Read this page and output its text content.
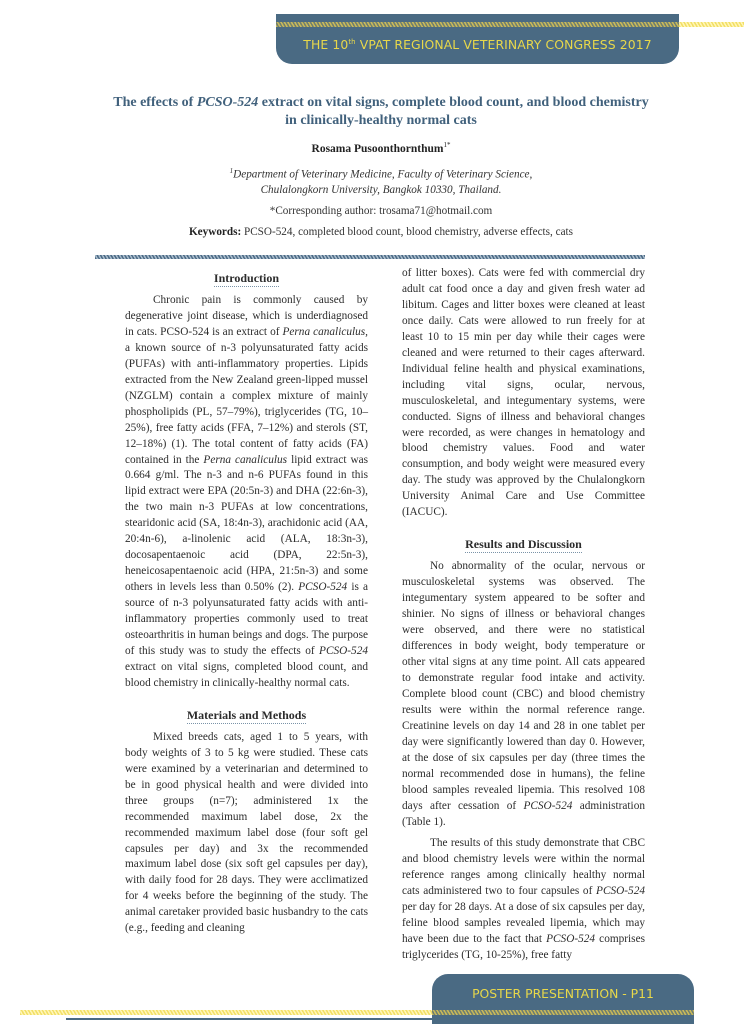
THE 10th VPAT REGIONAL VETERINARY CONGRESS 2017
The effects of PCSO-524 extract on vital signs, complete blood count, and blood chemistry
in clinically-healthy normal cats
Rosama Pusoonthornthum$^{1*}$
$^1$Department of Veterinary Medicine, Faculty of Veterinary Science,
Chulalongkorn University, Bangkok 10330, Thailand.
*Corresponding author: trosama71@hotmail.com
Keywords: PCSO-524, completed blood count, blood chemistry, adverse effects, cats
Introduction

Chronic pain is commonly caused by degenerative joint disease, which is underdiagnosed in cats. PCSO-524 is an extract of Perna canaliculus, a known source of n-3 polyunsaturated fatty acids (PUFAs) with anti-inflammatory properties. Lipids extracted from the New Zealand green-lipped mussel (NZGLM) contain a complex mixture of mainly phospholipids (PL, 57–79%), triglycerides (TG, 10–25%), free fatty acids (FFA, 7–12%) and sterols (ST, 12–18%) (1). The total content of fatty acids (FA) contained in the Perna canaliculus lipid extract was 0.664 g/ml. The n-3 and n-6 PUFAs found in this lipid extract were EPA (20:5n-3) and DHA (22:6n-3), the two main n-3 PUFAs at low concentrations, stearidonic acid (SA, 18:4n-3), arachidonic acid (AA, 20:4n-6), a-linolenic acid (ALA, 18:3n-3), docosapentaenoic acid (DPA, 22:5n-3), heneicosapentaenoic acid (HPA, 21:5n-3) and some others in levels less than 0.50% (2). PCSO-524 is a source of n-3 polyunsaturated fatty acids with anti-inflammatory properties commonly used to treat osteoarthritis in human beings and dogs. The purpose of this study was to study the effects of PCSO-524 extract on vital signs, completed blood count, and blood chemistry in clinically-healthy normal cats.

Materials and Methods

Mixed breeds cats, aged 1 to 5 years, with body weights of 3 to 5 kg were studied. These cats were examined by a veterinarian and determined to be in good physical health and were divided into three groups (n=7); administered 1x the recommended maximum label dose, 2x the recommended maximum label dose (four soft gel capsules per day) and 3x the recommended maximum label dose (six soft gel capsules per day), with daily food for 28 days. They were acclimatized for 4 weeks before the beginning of the study. The animal caretaker provided basic husbandry to the cats (e.g., feeding and cleaning

of litter boxes). Cats were fed with commercial dry adult cat food once a day and given fresh water ad libitum. Cages and litter boxes were cleaned at least once daily. Cats were allowed to run freely for at least 10 to 15 min per day while their cages were cleaned and were returned to their cages afterward. Individual feline health and physical examinations, including vital signs, ocular, nervous, musculoskeletal, and integumentary systems, were conducted. Signs of illness and behavioral changes were recorded, as were changes in hematology and blood chemistry values. Food and water consumption, and body weight were measured every day. The study was approved by the Chulalongkorn University Animal Care and Use Committee (IACUC).

Results and Discussion

No abnormality of the ocular, nervous or musculoskeletal systems was observed. The integumentary system appeared to be softer and shinier. No signs of illness or behavioral changes were observed, and there were no statistical differences in body weight, body temperature or other vital signs at any time point. All cats appeared to demonstrate regular food intake and activity. Complete blood count (CBC) and blood chemistry results were within the normal reference range. Creatinine levels on day 14 and 28 in one tablet per day were significantly lowered than day 0. However, at the dose of six capsules per day (three times the normal recommended dose in humans), the feline blood samples revealed lipemia. This resolved 108 days after cessation of PCSO-524 administration (Table 1).

The results of this study demonstrate that CBC and blood chemistry levels were within the normal reference ranges among clinically healthy normal cats administered two to four capsules of PCSO-524 per day for 28 days. At a dose of six capsules per day, feline blood samples revealed lipemia, which may have been due to the fact that PCSO-524 comprises triglycerides (TG, 10-25%), free fatty

POSTER PRESENTATION - P11
